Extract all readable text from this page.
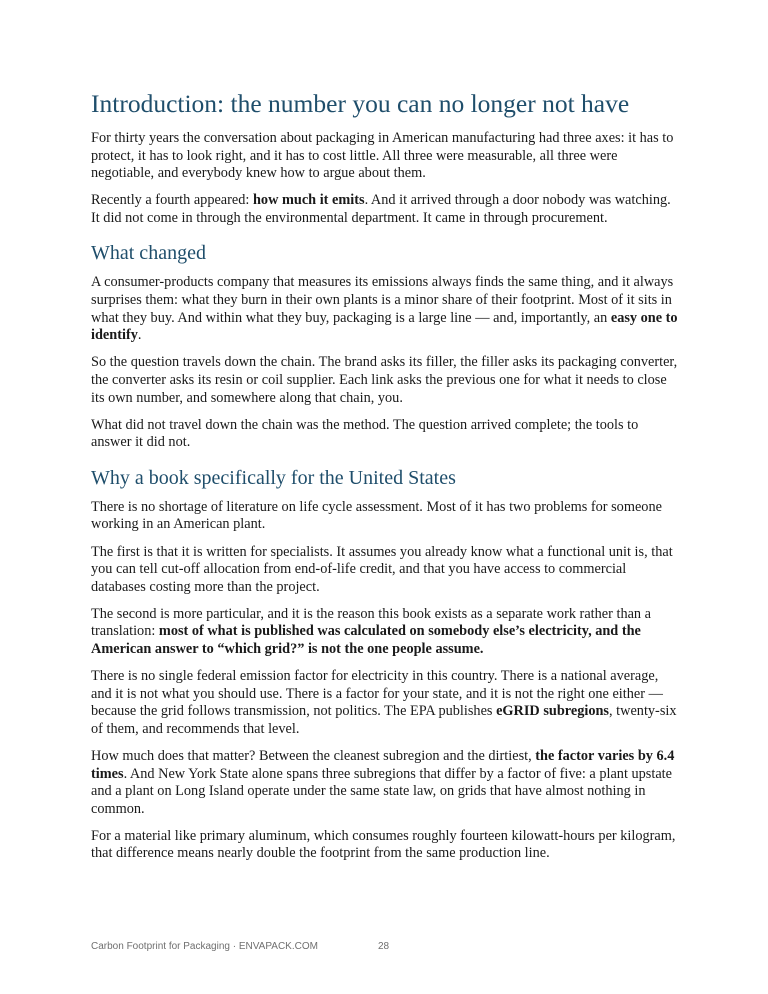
Introduction: the number you can no longer not have

For thirty years the conversation about packaging in American manufacturing had three axes: it has to protect, it has to look right, and it has to cost little. All three were measurable, all three were negotiable, and everybody knew how to argue about them.

Recently a fourth appeared: how much it emits. And it arrived through a door nobody was watching. It did not come in through the environmental department. It came in through procurement.

What changed

A consumer-products company that measures its emissions always finds the same thing, and it always surprises them: what they burn in their own plants is a minor share of their footprint. Most of it sits in what they buy. And within what they buy, packaging is a large line — and, importantly, an easy one to identify.

So the question travels down the chain. The brand asks its filler, the filler asks its packaging converter, the converter asks its resin or coil supplier. Each link asks the previous one for what it needs to close its own number, and somewhere along that chain, you.

What did not travel down the chain was the method. The question arrived complete; the tools to answer it did not.

Why a book specifically for the United States

There is no shortage of literature on life cycle assessment. Most of it has two problems for someone working in an American plant.

The first is that it is written for specialists. It assumes you already know what a functional unit is, that you can tell cut-off allocation from end-of-life credit, and that you have access to commercial databases costing more than the project.

The second is more particular, and it is the reason this book exists as a separate work rather than a translation: most of what is published was calculated on somebody else’s electricity, and the American answer to “which grid?” is not the one people assume.

There is no single federal emission factor for electricity in this country. There is a national average, and it is not what you should use. There is a factor for your state, and it is not the right one either — because the grid follows transmission, not politics. The EPA publishes eGRID subregions, twenty-six of them, and recommends that level.

How much does that matter? Between the cleanest subregion and the dirtiest, the factor varies by 6.4 times. And New York State alone spans three subregions that differ by a factor of five: a plant upstate and a plant on Long Island operate under the same state law, on grids that have almost nothing in common.

For a material like primary aluminum, which consumes roughly fourteen kilowatt-hours per kilogram, that difference means nearly double the footprint from the same production line.

Carbon Footprint for Packaging · ENVAPACK.COM	28
